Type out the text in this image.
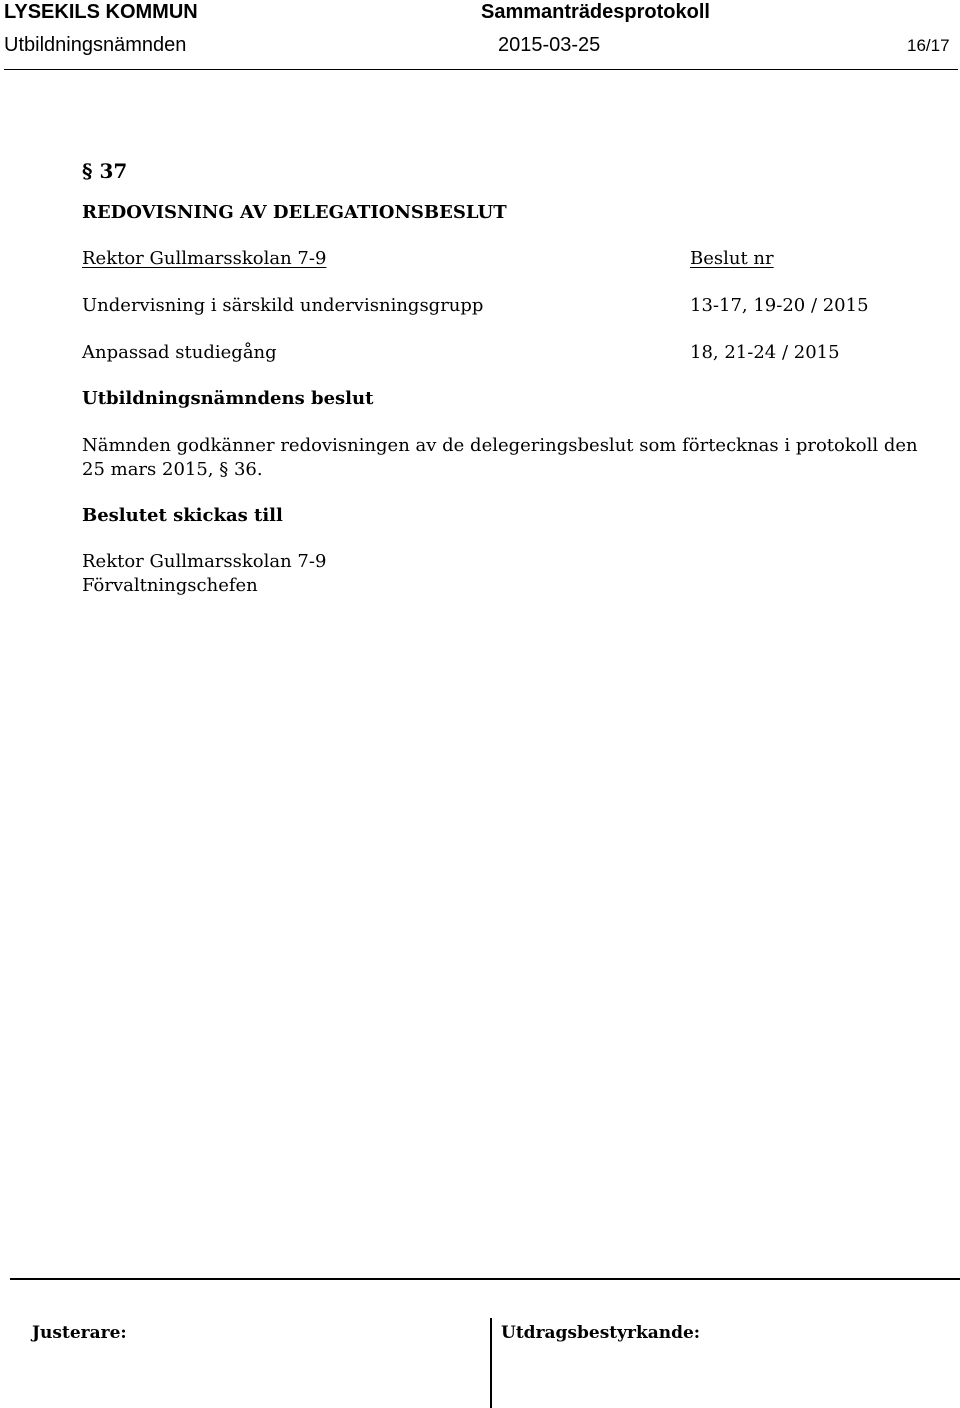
LYSEKILS KOMMUN	Sammanträdesprotokoll
Utbildningsnämnden	2015-03-25	16/17
§ 37
REDOVISNING AV DELEGATIONSBESLUT
Rektor Gullmarsskolan 7-9	Beslut nr
Undervisning i särskild undervisningsgrupp	13-17, 19-20 / 2015
Anpassad studiegång	18, 21-24 / 2015
Utbildningsnämndens beslut
Nämnden godkänner redovisningen av de delegeringsbeslut som förtecknas i protokoll den
25 mars 2015, § 36.
Beslutet skickas till
Rektor Gullmarsskolan 7-9
Förvaltningschefen
Justerare:	Utdragsbestyrkande:
